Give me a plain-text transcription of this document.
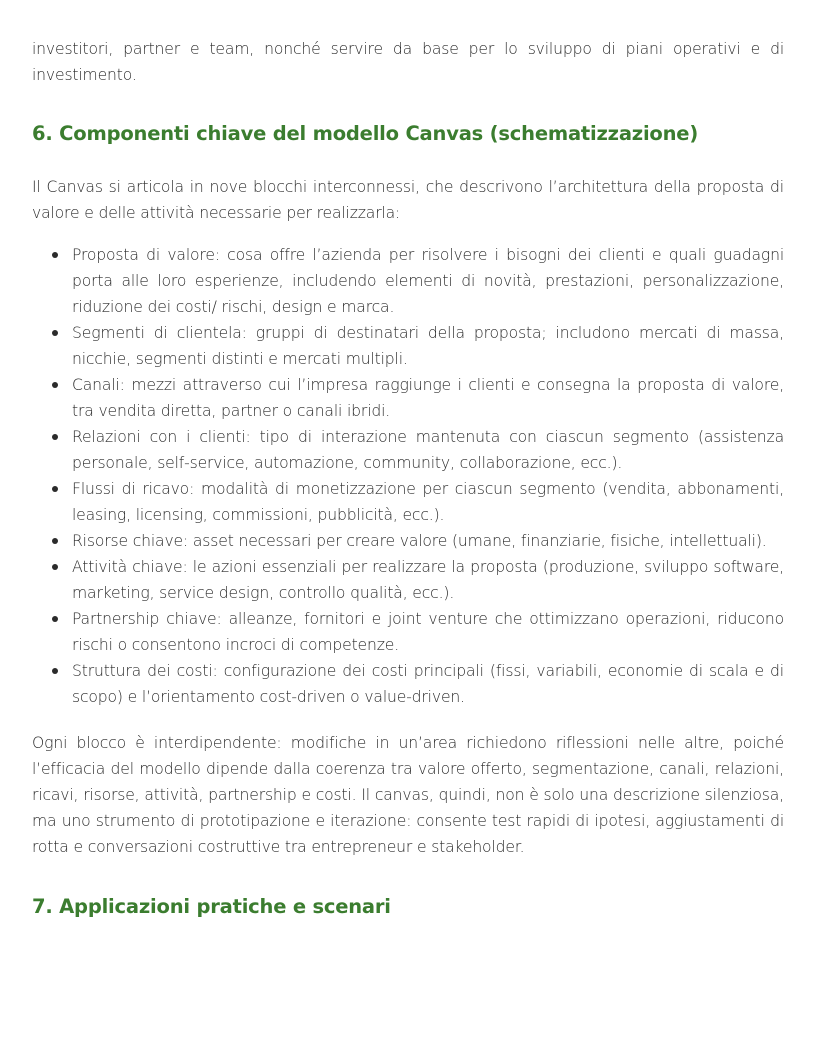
investitori, partner e team, nonché servire da base per lo sviluppo di piani operativi e di investimento.

6. Componenti chiave del modello Canvas (schematizzazione)

Il Canvas si articola in nove blocchi interconnessi, che descrivono l’architettura della proposta di valore e delle attività necessarie per realizzarla:

Proposta di valore: cosa offre l’azienda per risolvere i bisogni dei clienti e quali guadagni porta alle loro esperienze, includendo elementi di novità, prestazioni, personalizzazione, riduzione dei costi/ rischi, design e marca.
Segmenti di clientela: gruppi di destinatari della proposta; includono mercati di massa, nicchie, segmenti distinti e mercati multipli.
Canali: mezzi attraverso cui l’impresa raggiunge i clienti e consegna la proposta di valore, tra vendita diretta, partner o canali ibridi.
Relazioni con i clienti: tipo di interazione mantenuta con ciascun segmento (assistenza personale, self-service, automazione, community, collaborazione, ecc.).
Flussi di ricavo: modalità di monetizzazione per ciascun segmento (vendita, abbonamenti, leasing, licensing, commissioni, pubblicità, ecc.).
Risorse chiave: asset necessari per creare valore (umane, finanziarie, fisiche, intellettuali).
Attività chiave: le azioni essenziali per realizzare la proposta (produzione, sviluppo software, marketing, service design, controllo qualità, ecc.).
Partnership chiave: alleanze, fornitori e joint venture che ottimizzano operazioni, riducono rischi o consentono incroci di competenze.
Struttura dei costi: configurazione dei costi principali (fissi, variabili, economie di scala e di scopo) e l’orientamento cost-driven o value-driven.

Ogni blocco è interdipendente: modifiche in un’area richiedono riflessioni nelle altre, poiché l’efficacia del modello dipende dalla coerenza tra valore offerto, segmentazione, canali, relazioni, ricavi, risorse, attività, partnership e costi. Il canvas, quindi, non è solo una descrizione silenziosa, ma uno strumento di prototipazione e iterazione: consente test rapidi di ipotesi, aggiustamenti di rotta e conversazioni costruttive tra entrepreneur e stakeholder.

7. Applicazioni pratiche e scenari
